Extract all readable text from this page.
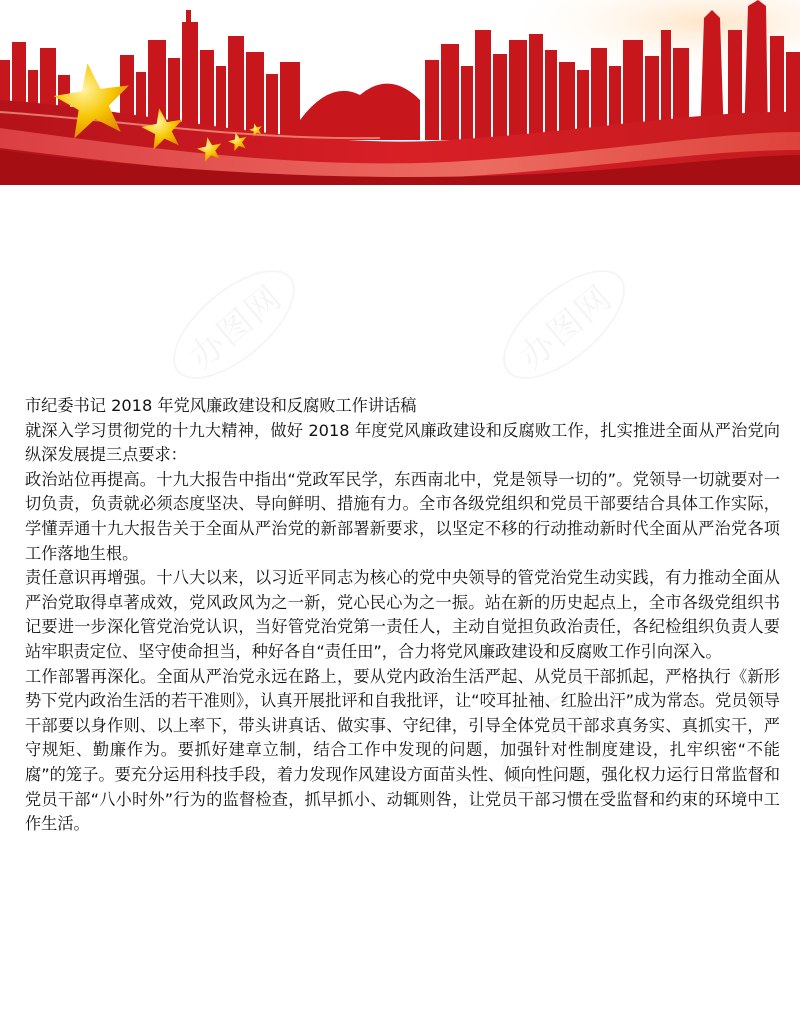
市纪委书记 2018 年党风廉政建设和反腐败工作讲话稿

就深入学习贯彻党的十九大精神，做好 2018 年度党风廉政建设和反腐败工作，扎实推进全面从严治党向纵深发展提三点要求：

政治站位再提高。十九大报告中指出“党政军民学，东西南北中，党是领导一切的”。党领导一切就要对一切负责，负责就必须态度坚决、导向鲜明、措施有力。全市各级党组织和党员干部要结合具体工作实际，学懂弄通十九大报告关于全面从严治党的新部署新要求，以坚定不移的行动推动新时代全面从严治党各项工作落地生根。

责任意识再增强。十八大以来，以习近平同志为核心的党中央领导的管党治党生动实践，有力推动全面从严治党取得卓著成效，党风政风为之一新，党心民心为之一振。站在新的历史起点上，全市各级党组织书记要进一步深化管党治党认识，当好管党治党第一责任人，主动自觉担负政治责任，各纪检组织负责人要站牢职责定位、坚守使命担当，种好各自“责任田”，合力将党风廉政建设和反腐败工作引向深入。

工作部署再深化。全面从严治党永远在路上，要从党内政治生活严起、从党员干部抓起，严格执行《新形势下党内政治生活的若干准则》，认真开展批评和自我批评，让“咬耳扯袖、红脸出汗”成为常态。党员领导干部要以身作则、以上率下，带头讲真话、做实事、守纪律，引导全体党员干部求真务实、真抓实干，严守规矩、勤廉作为。要抓好建章立制，结合工作中发现的问题，加强针对性制度建设，扎牢织密“不能腐”的笼子。要充分运用科技手段，着力发现作风建设方面苗头性、倾向性问题，强化权力运行日常监督和党员干部“八小时外”行为的监督检查，抓早抓小、动辄则咎，让党员干部习惯在受监督和约束的环境中工作生活。
